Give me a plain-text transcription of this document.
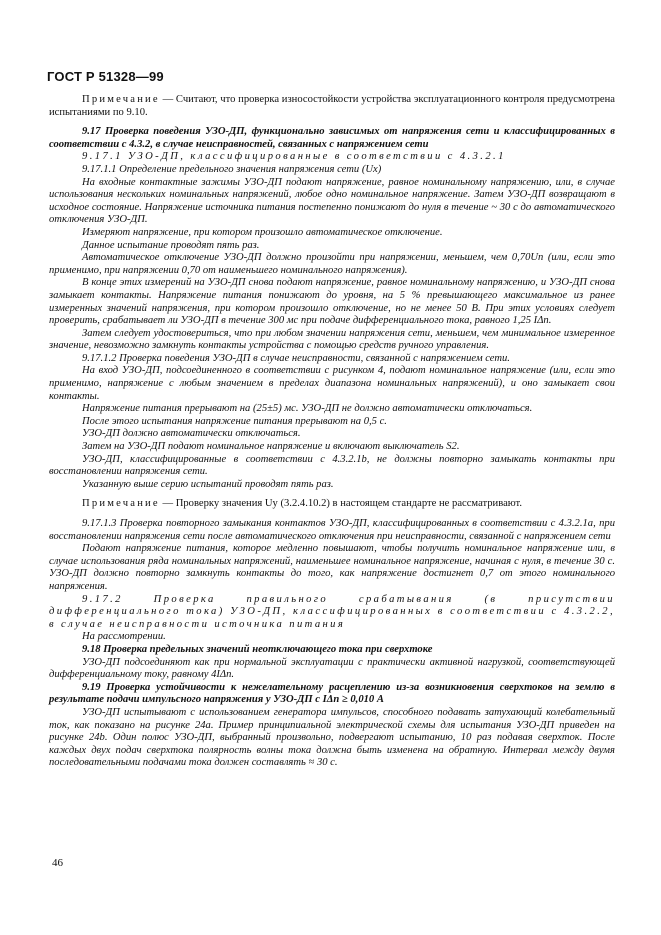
ГОСТ Р 51328—99

Примечание — Считают, что проверка износостойкости устройства эксплуатационного контроля предусмотрена испытаниями по 9.10.

9.17 Проверка поведения УЗО-ДП, функционально зависимых от напряжения сети и классифицированных в соответствии с 4.3.2, в случае неисправностей, связанных с напряжением сети

9.17.1 УЗО-ДП, классифицированные в соответствии с 4.3.2.1

9.17.1.1 Определение предельного значения напряжения сети (Ux)

На входные контактные зажимы УЗО-ДП подают напряжение, равное номинальному напряжению, или, в случае использования нескольких номинальных напряжений, любое одно номинальное напряжение. Затем УЗО-ДП возвращают в исходное состояние. Напряжение источника питания постепенно понижают до нуля в течение ~ 30 с до автоматического отключения УЗО-ДП.

Измеряют напряжение, при котором произошло автоматическое отключение.

Данное испытание проводят пять раз.

Автоматическое отключение УЗО-ДП должно произойти при напряжении, меньшем, чем 0,70Un (или, если это применимо, при напряжении 0,70 от наименьшего номинального напряжения).

В конце этих измерений на УЗО-ДП снова подают напряжение, равное номинальному напряжению, и УЗО-ДП снова замыкает контакты. Напряжение питания понижают до уровня, на 5 % превышающего максимальное из ранее измеренных значений напряжения, при котором произошло отключение, но не менее 50 В. При этих условиях следует проверить, срабатывает ли УЗО-ДП в течение 300 мс при подаче дифференциального тока, равного 1,25 IΔn.

Затем следует удостовериться, что при любом значении напряжения сети, меньшем, чем минимальное измеренное значение, невозможно замкнуть контакты устройства с помощью средств ручного управления.

9.17.1.2 Проверка поведения УЗО-ДП в случае неисправности, связанной с напряжением сети.

На вход УЗО-ДП, подсоединенного в соответствии с рисунком 4, подают номинальное напряжение (или, если это применимо, напряжение с любым значением в пределах диапазона номинальных напряжений), и оно замыкает свои контакты.

Напряжение питания прерывают на (25±5) мс. УЗО-ДП не должно автоматически отключаться.

После этого испытания напряжение питания прерывают на 0,5 с.

УЗО-ДП должно автоматически отключаться.

Затем на УЗО-ДП подают номинальное напряжение и включают выключатель S2.

УЗО-ДП, классифицированные в соответствии с 4.3.2.1b, не должны повторно замыкать контакты при восстановлении напряжения сети.

Указанную выше серию испытаний проводят пять раз.

Примечание — Проверку значения Uy (3.2.4.10.2) в настоящем стандарте не рассматривают.

9.17.1.3 Проверка повторного замыкания контактов УЗО-ДП, классифицированных в соответствии с 4.3.2.1а, при восстановлении напряжения сети после автоматического отключения при неисправности, связанной с напряжением сети

Подают напряжение питания, которое медленно повышают, чтобы получить номинальное напряжение или, в случае использования ряда номинальных напряжений, наименьшее номинальное напряжение, начиная с нуля, в течение 30 с. УЗО-ДП должно повторно замкнуть контакты до того, как напряжение достигнет 0,7 от этого номинального напряжения.

9.17.2 Проверка правильного срабатывания (в присутствии дифференциального тока) УЗО-ДП, классифицированных в соответствии с 4.3.2.2, в случае неисправности источника питания

На рассмотрении.

9.18 Проверка предельных значений неотключающего тока при сверхтоке

УЗО-ДП подсоединяют как при нормальной эксплуатации с практически активной нагрузкой, соответствующей дифференциальному току, равному 4IΔn.

9.19 Проверка устойчивости к нежелательному расцеплению из-за возникновения сверхтоков на землю в результате подачи импульсного напряжения у УЗО-ДП с IΔn ≥ 0,010 А

УЗО-ДП испытывают с использованием генератора импульсов, способного подавать затухающий колебательный ток, как показано на рисунке 24а. Пример принципиальной электрической схемы для испытания УЗО-ДП приведен на рисунке 24b. Один полюс УЗО-ДП, выбранный произвольно, подвергают испытанию, 10 раз подавая сверхток. После каждых двух подач сверхтока полярность волны тока должна быть изменена на обратную. Интервал между двумя последовательными подачами тока должен составлять ≈ 30 с.

46
